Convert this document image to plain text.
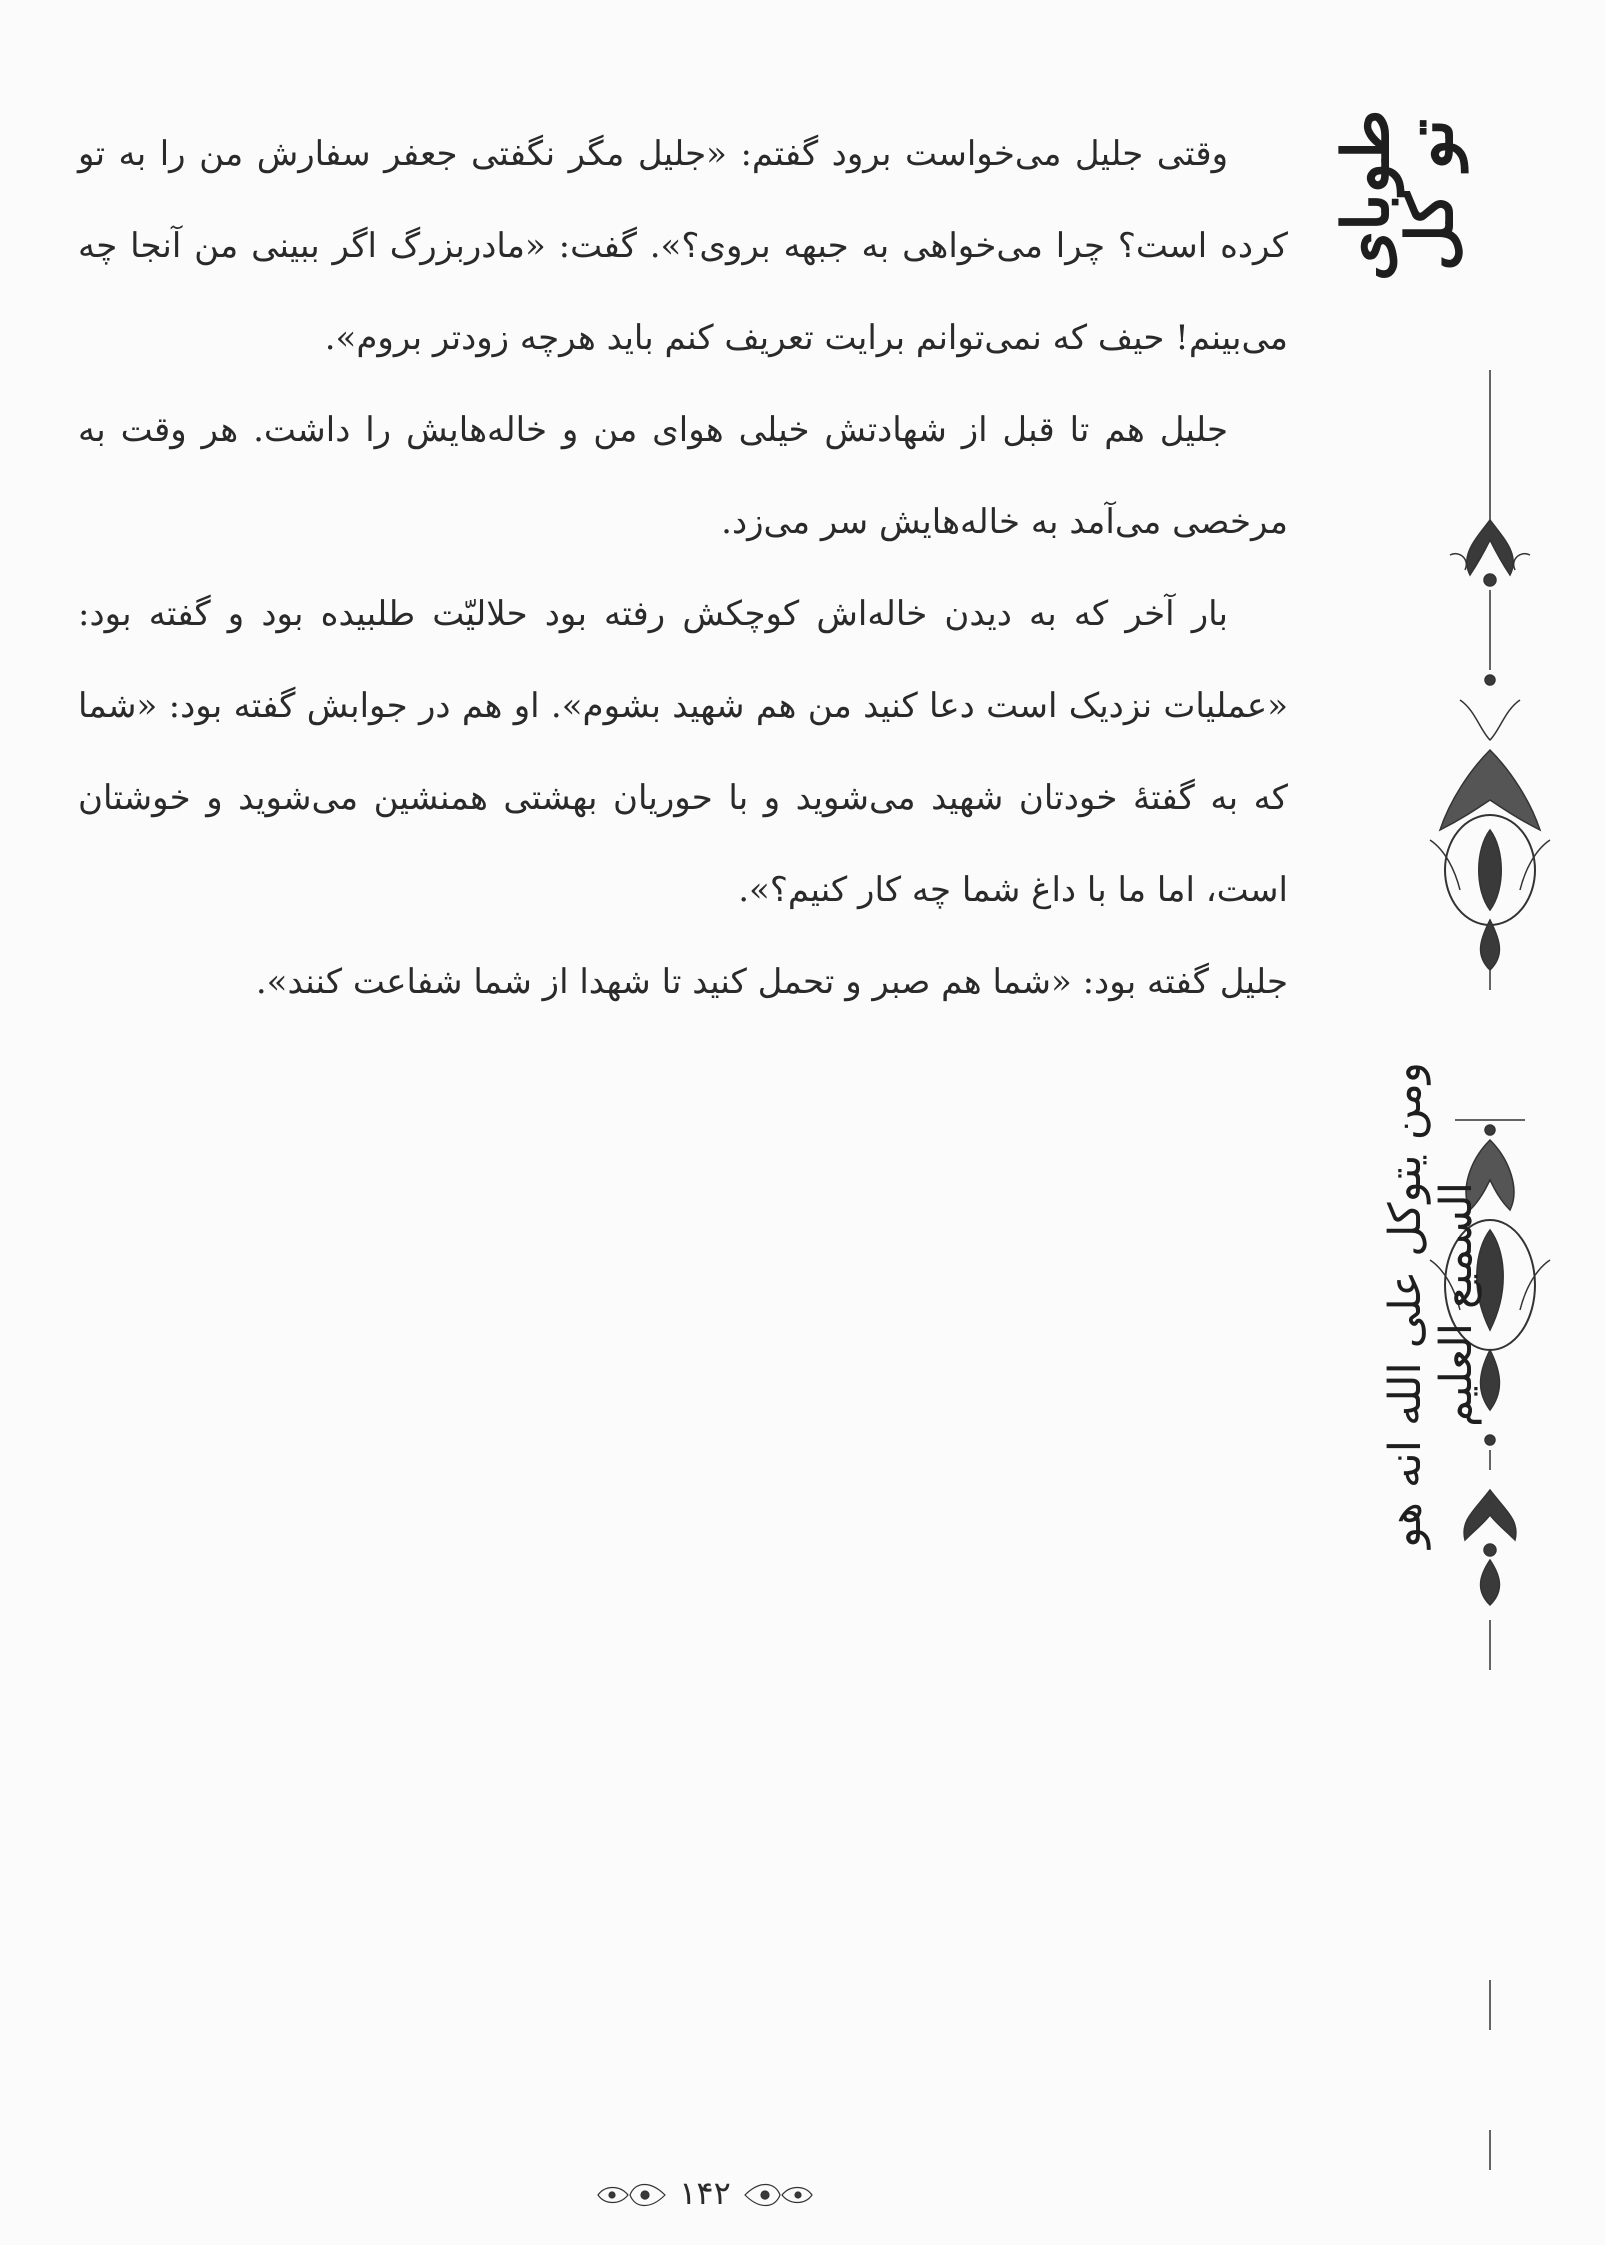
وقتی جلیل می‌خواست برود گفتم: «جلیل مگر نگفتی جعفر سفارش من را به تو کرده است؟ چرا می‌خواهی به جبهه بروی؟». گفت: «مادربزرگ اگر ببینی من آنجا چه می‌بینم! حیف که نمی‌توانم برایت تعریف کنم باید هرچه زودتر بروم».

جلیل هم تا قبل از شهادتش خیلی هوای من و خاله‌هایش را داشت. هر وقت به مرخصی می‌آمد به خاله‌هایش سر می‌زد.

بار آخر که به دیدن خاله‌اش کوچکش رفته بود حلالیّت طلبیده بود و گفته بود: «عملیات نزدیک است دعا کنید من هم شهید بشوم». او هم در جوابش گفته بود: «شما که به گفتهٔ خودتان شهید می‌شوید و با حوریان بهشتی همنشین می‌شوید و خوشتان است، اما ما با داغ شما چه کار کنیم؟».

جلیل گفته بود: «شما هم صبر و تحمل کنید تا شهدا از شما شفاعت کنند».

طوبای تو کل
ومن یتوکل علی الله انه هو السمیع العلیم
۱۴۲
